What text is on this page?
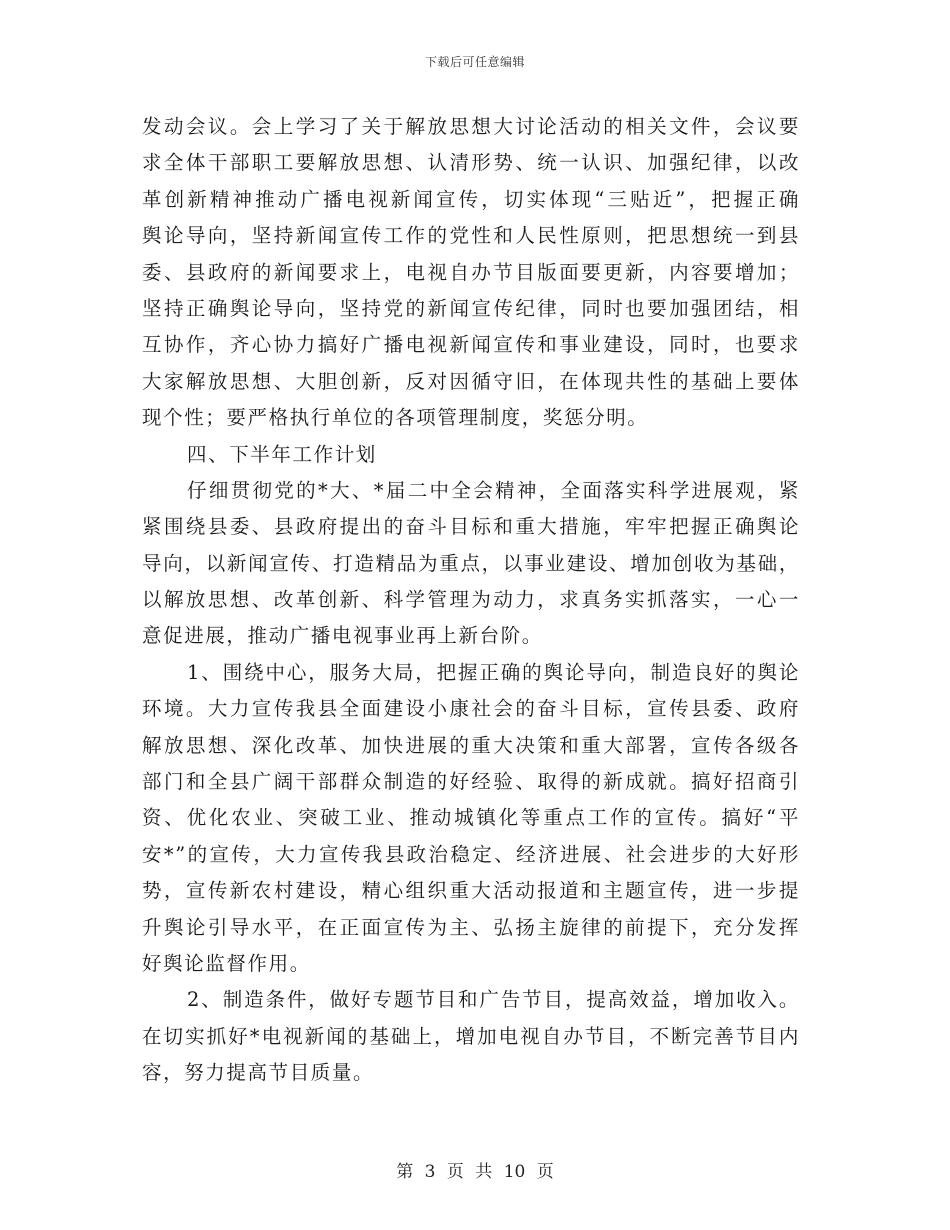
下载后可任意编辑
发动会议。会上学习了关于解放思想大讨论活动的相关文件，会议要
求全体干部职工要解放思想、认清形势、统一认识、加强纪律，以改
革创新精神推动广播电视新闻宣传，切实体现“三贴近”，把握正确
舆论导向，坚持新闻宣传工作的党性和人民性原则，把思想统一到县
委、县政府的新闻要求上，电视自办节目版面要更新，内容要增加；
坚持正确舆论导向，坚持党的新闻宣传纪律，同时也要加强团结，相
互协作，齐心协力搞好广播电视新闻宣传和事业建设，同时，也要求
大家解放思想、大胆创新，反对因循守旧，在体现共性的基础上要体
现个性；要严格执行单位的各项管理制度，奖惩分明。
四、下半年工作计划
仔细贯彻党的*大、*届二中全会精神，全面落实科学进展观，紧
紧围绕县委、县政府提出的奋斗目标和重大措施，牢牢把握正确舆论
导向，以新闻宣传、打造精品为重点，以事业建设、增加创收为基础，
以解放思想、改革创新、科学管理为动力，求真务实抓落实，一心一
意促进展，推动广播电视事业再上新台阶。
1、围绕中心，服务大局，把握正确的舆论导向，制造良好的舆论
环境。大力宣传我县全面建设小康社会的奋斗目标，宣传县委、政府
解放思想、深化改革、加快进展的重大决策和重大部署，宣传各级各
部门和全县广阔干部群众制造的好经验、取得的新成就。搞好招商引
资、优化农业、突破工业、推动城镇化等重点工作的宣传。搞好“平
安*”的宣传，大力宣传我县政治稳定、经济进展、社会进步的大好形
势，宣传新农村建设，精心组织重大活动报道和主题宣传，进一步提
升舆论引导水平，在正面宣传为主、弘扬主旋律的前提下，充分发挥
好舆论监督作用。
2、制造条件，做好专题节目和广告节目，提高效益，增加收入。
在切实抓好*电视新闻的基础上，增加电视自办节目，不断完善节目内
容，努力提高节目质量。
第 3 页 共 10 页
